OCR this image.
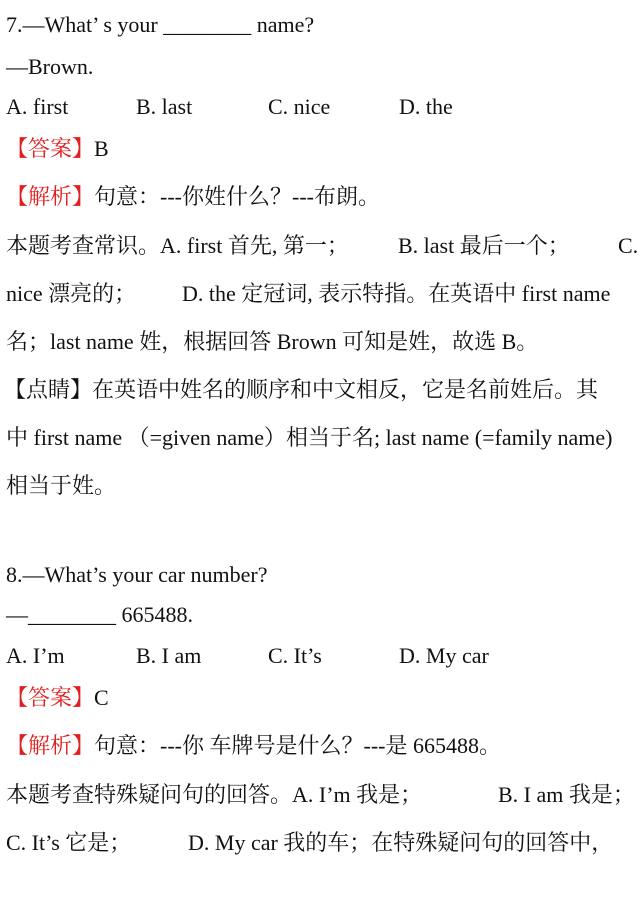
7.—What’ s your ________ name?
—Brown.
A. first	B. last	C. nice	D. the
【答案】B
【解析】句意：---你姓什么？---布朗。
本题考查常识。A. first 首先, 第一； B. last 最后一个； C.
nice 漂亮的； D. the 定冠词, 表示特指。在英语中 first name
名；last name 姓，根据回答 Brown 可知是姓，故选 B。
【点睛】在英语中姓名的顺序和中文相反，它是名前姓后。其
中 first name （=given name）相当于名; last name (=family name)
相当于姓。
8.—What’s your car number?
—________ 665488.
A. I’m	B. I am	C. It’s	D. My car
【答案】C
【解析】句意：---你 车牌号是什么？---是 665488。
本题考查特殊疑问句的回答。A. I’m 我是；	B. I am 我是；
C. It’s 它是；	D. My car 我的车；在特殊疑问句的回答中，
